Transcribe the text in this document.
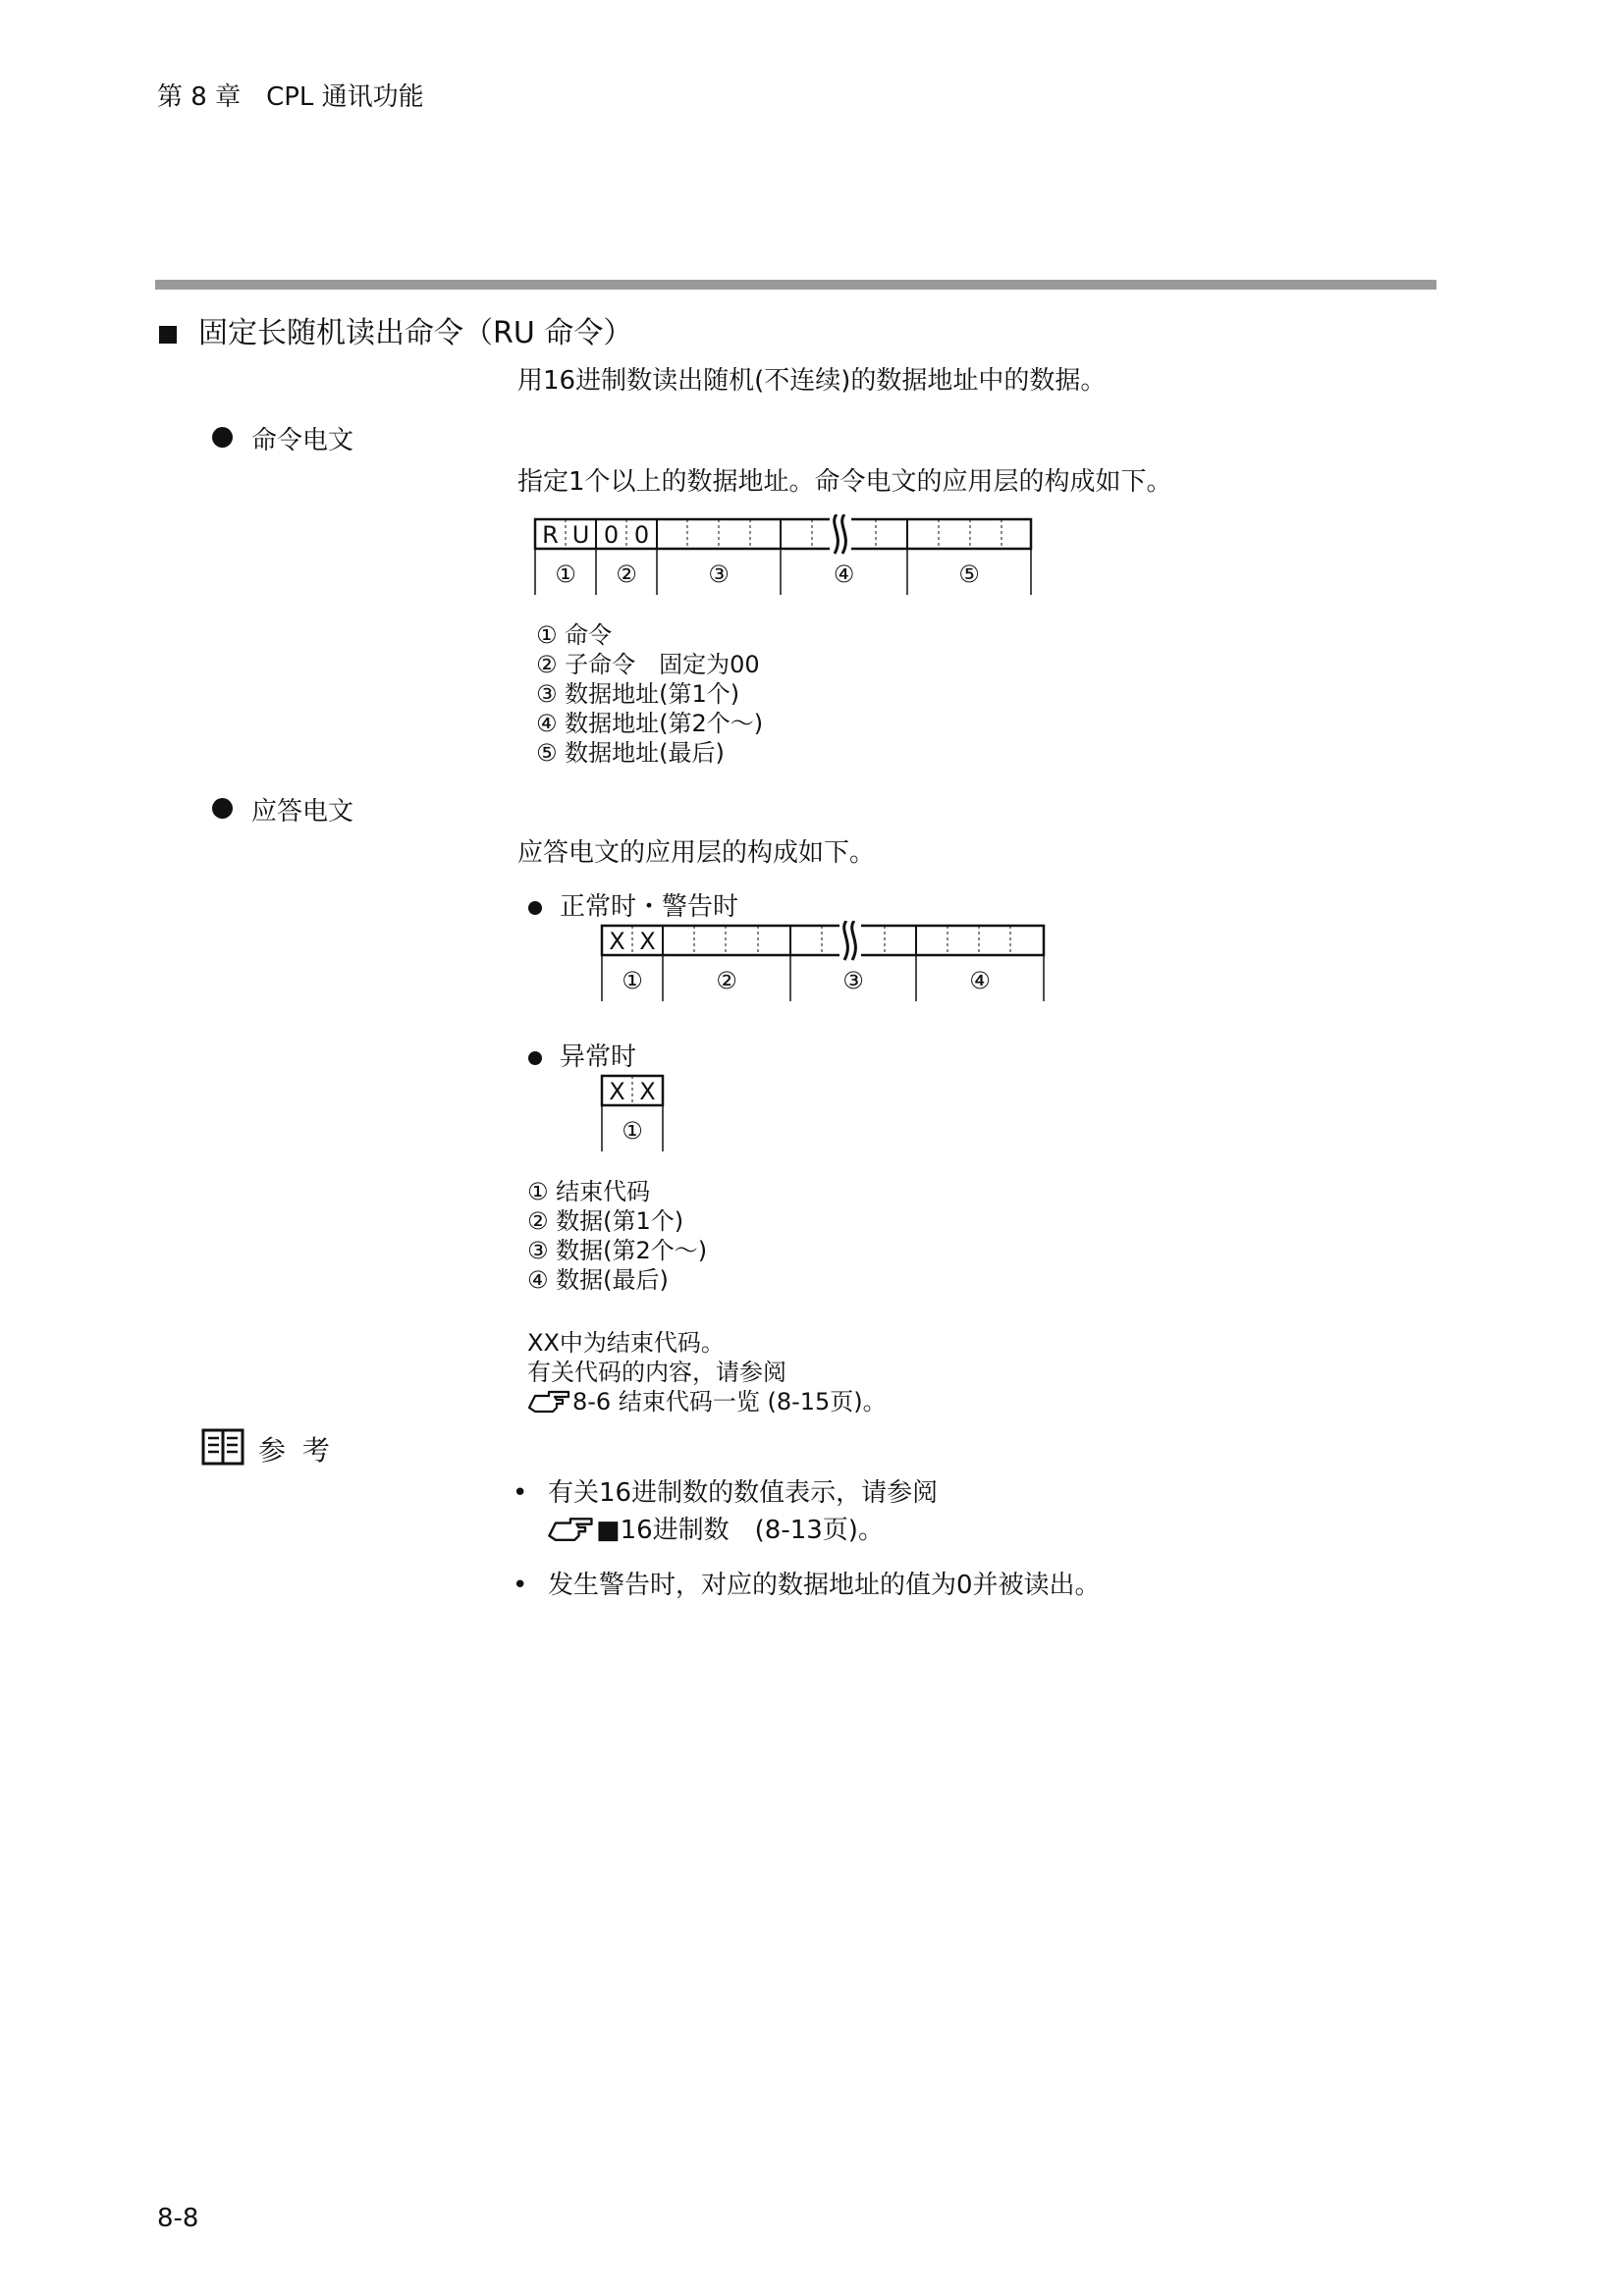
第 8 章　CPL 通讯功能
固定长随机读出命令（RU 命令）
用16进制数读出随机(不连续)的数据地址中的数据。
命令电文
指定1个以上的数据地址。命令电文的应用层的构成如下。
R U 0 0
①	②	③	④	⑤
① 命令
② 子命令　固定为00
③ 数据地址(第1个)
④ 数据地址(第2个～)
⑤ 数据地址(最后)
应答电文
应答电文的应用层的构成如下。
正常时・警告时
X X
①	②	③	④
异常时
X X
①
① 结束代码
② 数据(第1个)
③ 数据(第2个～)
④ 数据(最后)
XX中为结束代码。
有关代码的内容，请参阅
8-6 结束代码一览 (8-15页)。
参 考
• 有关16进制数的数值表示，请参阅
■16进制数　(8-13页)。
• 发生警告时，对应的数据地址的值为0并被读出。
8-8
